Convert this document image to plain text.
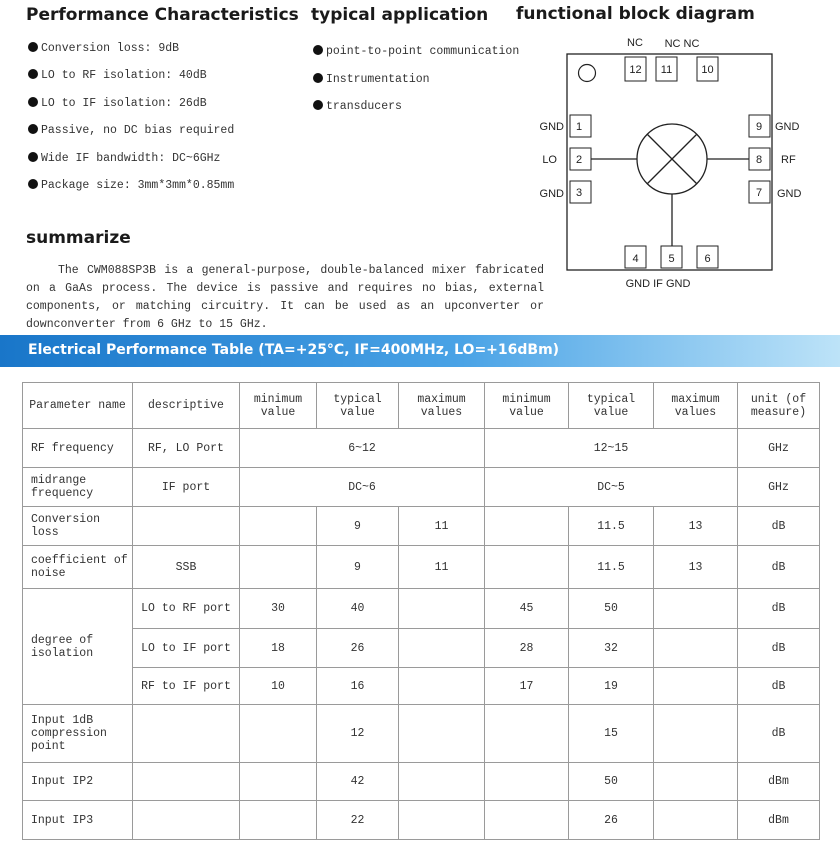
Performance Characteristics typical application functional block diagram
Conversion loss: 9dB
LO to RF isolation: 40dB
LO to IF isolation: 26dB
Passive, no DC bias required
Wide IF bandwidth: DC~6GHz
Package size: 3mm*3mm*0.85mm
point-to-point communication
Instrumentation
transducers
12 11	10
1
2
3
9
8
7
4	5	6
NC NC NC
GND
LO
GND
GND
RF
GND
GND IF GND
summarize

The CWM088SP3B is a general-purpose, double-balanced mixer fabricated on a GaAs process. The device is passive and requires no bias, external components, or matching circuitry. It can be used as an upconverter or downconverter from 6 GHz to 15 GHz.

Electrical Performance Table (TA=+25°C, IF=400MHz, LO=+16dBm)
Parameter name	descriptive	minimum value	typical value	maximum values	minimum value	typical value	maximum values	unit (of measure)
RF frequency	RF, LO Port	6~12			12~15			GHz
midrange frequency	IF port	DC~6			DC~5			GHz
Conversion loss			9	11		11.5	13	dB
coefficient of noise	SSB		9	11		11.5	13	dB
degree of isolation	LO to RF port	30	40		45	50		dB
	LO to IF port	18	26		28	32		dB
	RF to IF port	10	16		17	19		dB
Input 1dB compression point			12			15		dB
Input IP2			42			50		dBm
Input IP3			22			26		dBm
